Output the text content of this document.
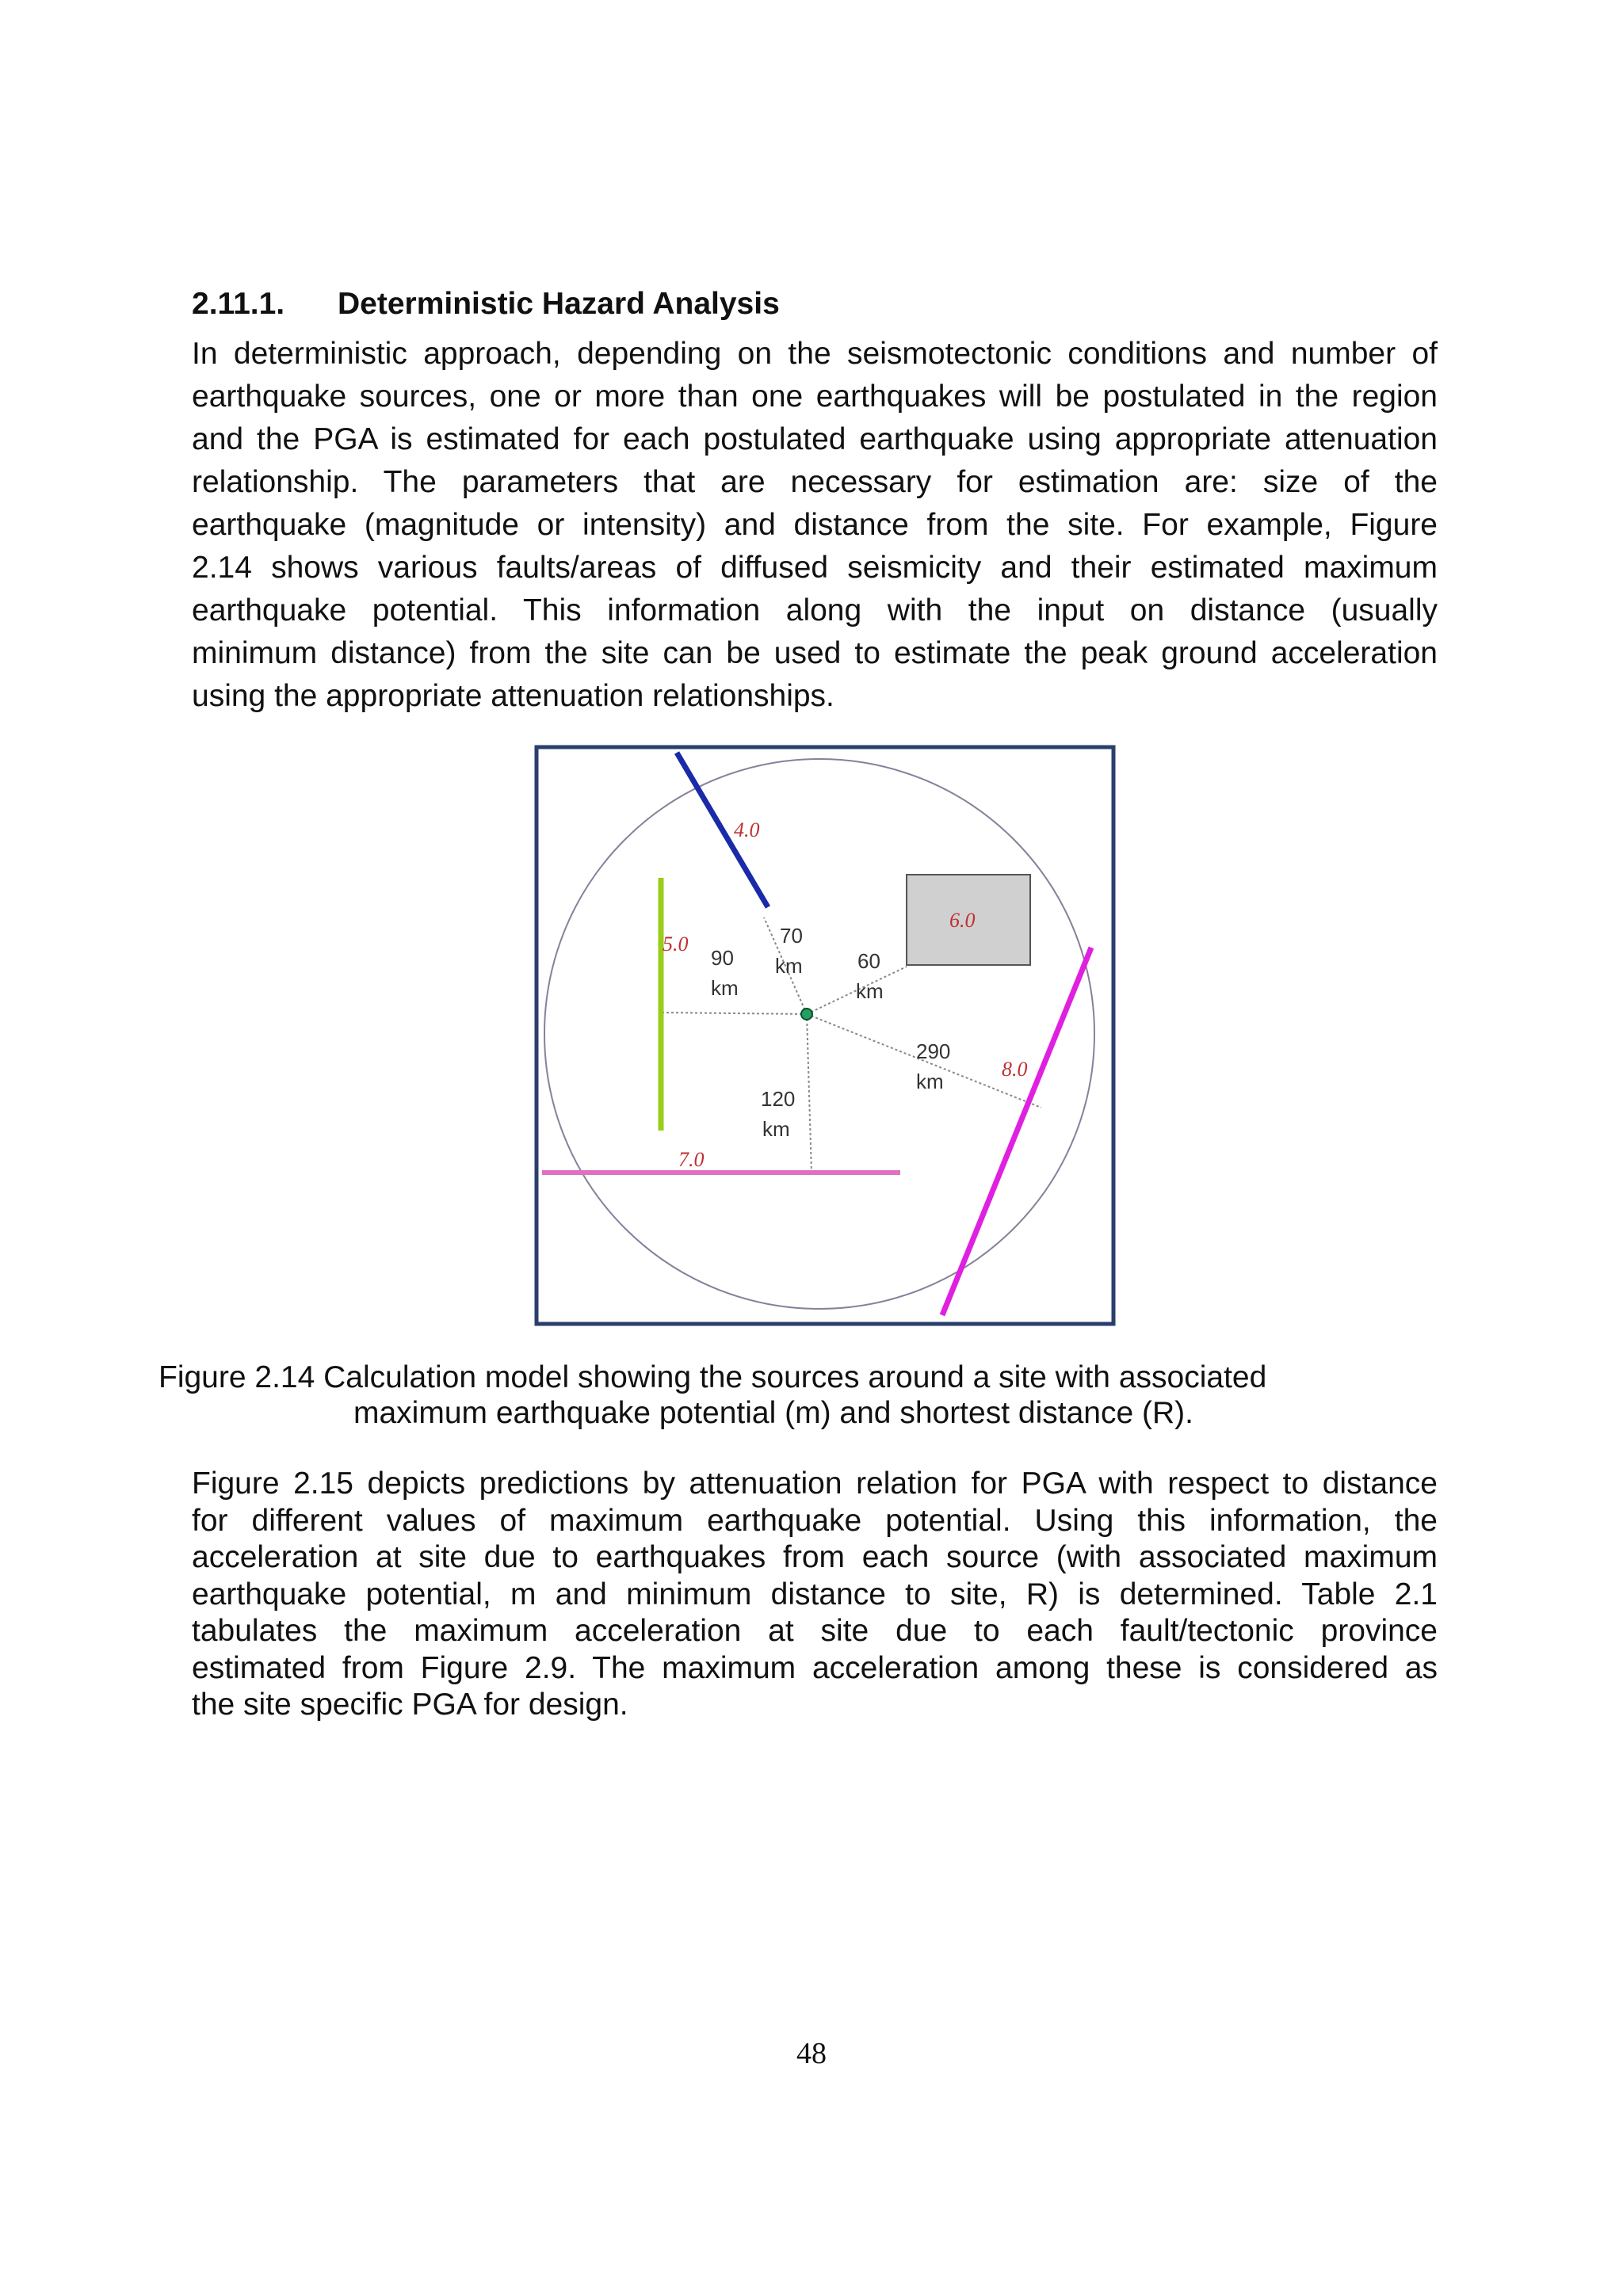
2.11.1. Deterministic Hazard Analysis
In deterministic approach, depending on the seismotectonic conditions and number of
earthquake sources, one or more than one earthquakes will be postulated in the region
and the PGA is estimated for each postulated earthquake using appropriate attenuation
relationship. The parameters that are necessary for estimation are: size of the
earthquake (magnitude or intensity) and distance from the site. For example, Figure
2.14 shows various faults/areas of diffused seismicity and their estimated maximum
earthquake potential. This information along with the input on distance (usually
minimum distance) from the site can be used to estimate the peak ground acceleration
using the appropriate attenuation relationships.
4.0
5.0
6.0
7.0
8.0
90
km
70
km	60
km
290
km
120
km
Figure 2.14 Calculation model showing the sources around a site with associated
maximum earthquake potential (m) and shortest distance (R).
Figure 2.15 depicts predictions by attenuation relation for PGA with respect to distance
for different values of maximum earthquake potential. Using this information, the
acceleration at site due to earthquakes from each source (with associated maximum
earthquake potential, m and minimum distance to site, R) is determined. Table 2.1
tabulates the maximum acceleration at site due to each fault/tectonic province
estimated from Figure 2.9. The maximum acceleration among these is considered as
the site specific PGA for design.
48
